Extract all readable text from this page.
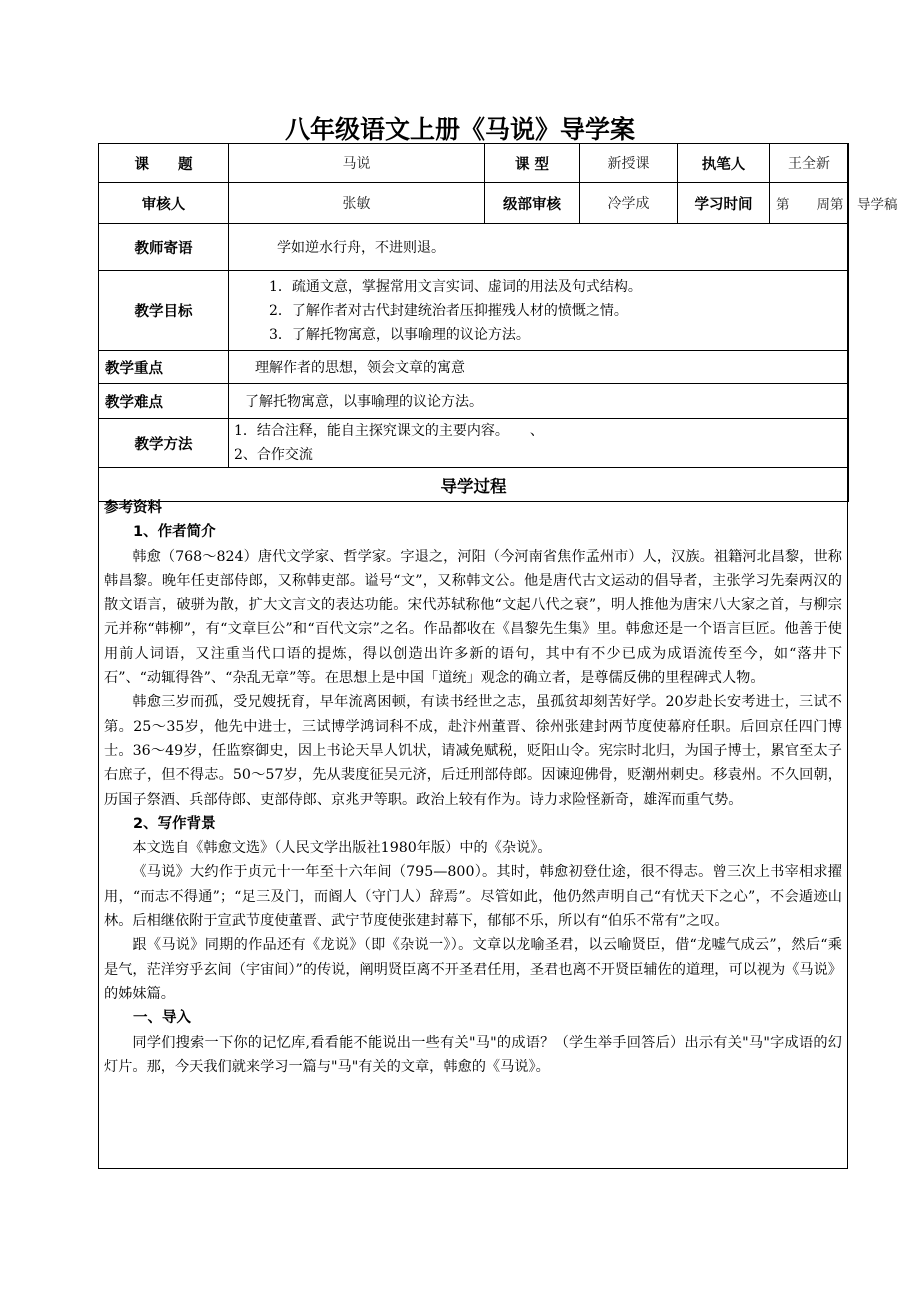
八年级语文上册《马说》导学案
课　　题	马说	课 型	新授课	执笔人	王全新
审核人	张敏	级部审核	冷学成	学习时间	第　　周第　导学稿
教师寄语	学如逆水行舟，不进则退。				
教学目标	1．疏通文意，掌握常用文言实词、虚词的用法及句式结构。
2．了解作者对古代封建统治者压抑摧残人材的愤慨之情。
3．了解托物寓意，以事喻理的议论方法。				

教学重点	理解作者的思想，领会文章的寓意				
教学难点	了解托物寓意，以事喻理的议论方法。				
教学方法	1．结合注释，能自主探究课文的主要内容。　　、
2、合作交流				

导学过程					

参考资料

1、作者简介

韩愈（768～824）唐代文学家、哲学家。字退之，河阳（今河南省焦作孟州市）人，汉族。祖籍河北昌黎，世称韩昌黎。晚年任吏部侍郎，又称韩吏部。谥号“文”，又称韩文公。他是唐代古文运动的倡导者，主张学习先秦两汉的散文语言，破骈为散，扩大文言文的表达功能。宋代苏轼称他“文起八代之衰”，明人推他为唐宋八大家之首，与柳宗元并称“韩柳”，有“文章巨公”和“百代文宗”之名。作品都收在《昌黎先生集》里。韩愈还是一个语言巨匠。他善于使用前人词语，又注重当代口语的提炼，得以创造出许多新的语句，其中有不少已成为成语流传至今，如“落井下石”、“动辄得咎”、“杂乱无章”等。在思想上是中国「道统」观念的确立者，是尊儒反佛的里程碑式人物。

韩愈三岁而孤，受兄嫂抚育，早年流离困顿，有读书经世之志，虽孤贫却刻苦好学。20岁赴长安考进士，三试不第。25～35岁，他先中进士，三试博学鸿词科不成，赴汴州董晋、徐州张建封两节度使幕府任职。后回京任四门博士。36～49岁，任监察御史，因上书论天旱人饥状，请减免赋税，贬阳山令。宪宗时北归，为国子博士，累官至太子右庶子，但不得志。50～57岁，先从裴度征吴元济，后迁刑部侍郎。因谏迎佛骨，贬潮州刺史。移袁州。不久回朝，历国子祭酒、兵部侍郎、吏部侍郎、京兆尹等职。政治上较有作为。诗力求险怪新奇，雄浑而重气势。

2、写作背景

本文选自《韩愈文选》（人民文学出版社1980年版）中的《杂说》。

《马说》大约作于贞元十一年至十六年间（795—800）。其时，韩愈初登仕途，很不得志。曾三次上书宰相求擢用，“而志不得通”；“足三及门，而阍人（守门人）辞焉”。尽管如此，他仍然声明自己“有忧天下之心”，不会遁迹山林。后相继依附于宣武节度使董晋、武宁节度使张建封幕下，郁郁不乐，所以有“伯乐不常有”之叹。

跟《马说》同期的作品还有《龙说》（即《杂说一》）。文章以龙喻圣君，以云喻贤臣，借“龙嘘气成云”，然后“乘是气，茫洋穷乎玄间（宇宙间）”的传说，阐明贤臣离不开圣君任用，圣君也离不开贤臣辅佐的道理，可以视为《马说》的姊妹篇。

一、导入

同学们搜索一下你的记忆库,看看能不能说出一些有关"马"的成语？（学生举手回答后）出示有关"马"字成语的幻灯片。那，今天我们就来学习一篇与"马"有关的文章，韩愈的《马说》。
